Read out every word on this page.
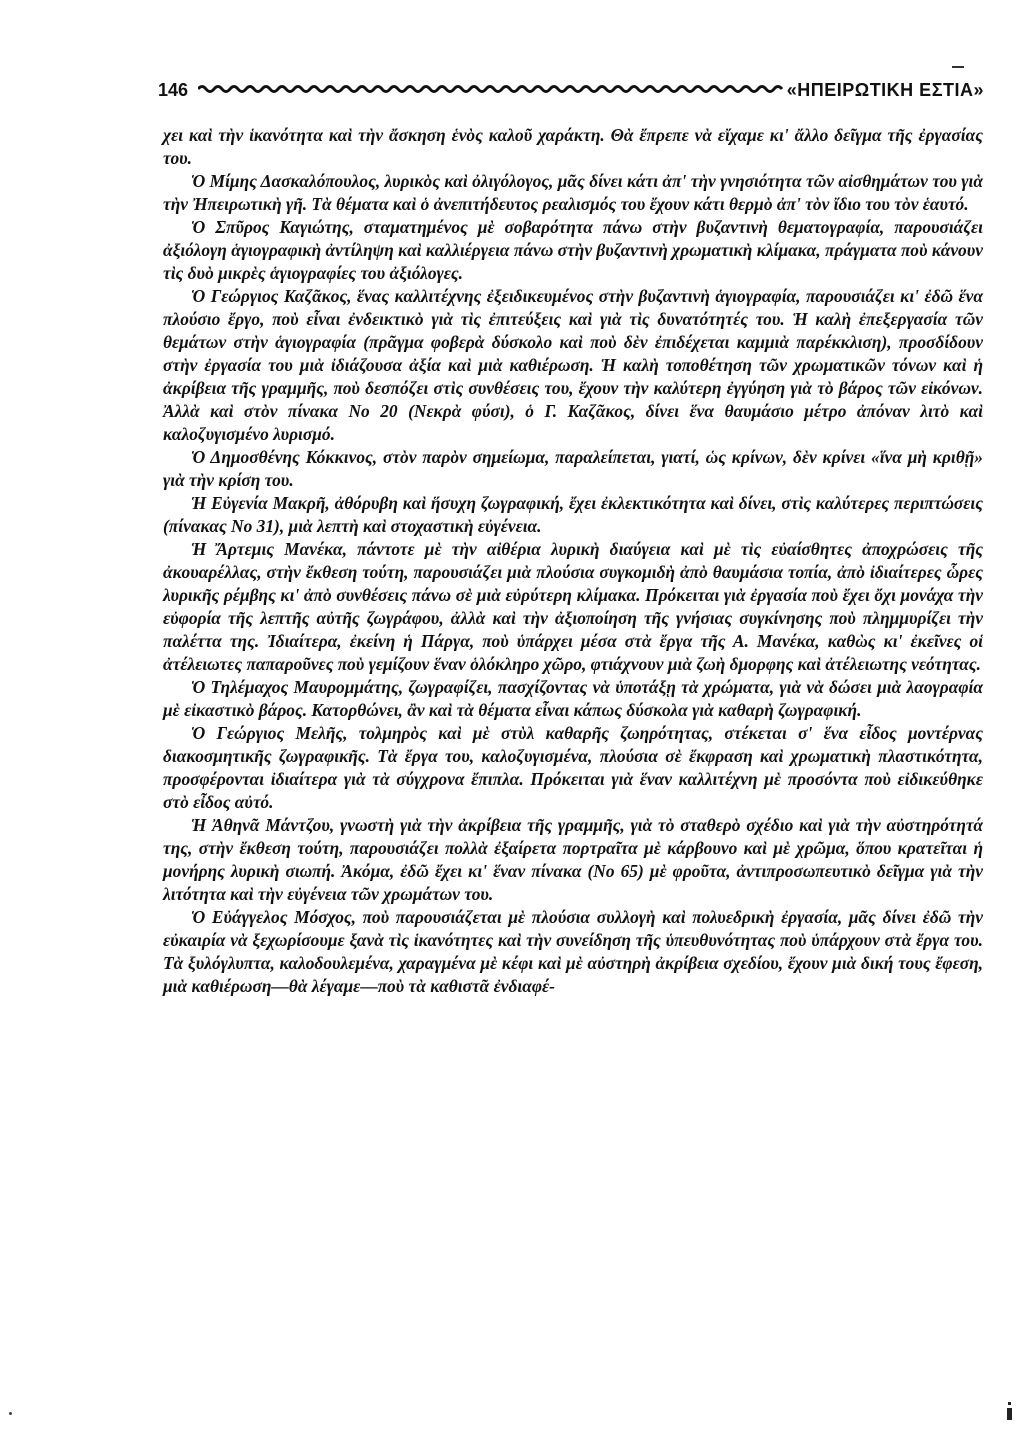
146	«ΗΠΕΙΡΩΤΙΚΗ ΕΣΤΙΑ»

χει καὶ τὴν ἱκανότητα καὶ τὴν ἄσκηση ἑνὸς καλοῦ χαράκτη. Θὰ ἔπρεπε νὰ εἴχαμε κι' ἄλλο δεῖγμα τῆς ἐργασίας του.

Ὁ Μίμης Δασκαλόπουλος, λυρικὸς καὶ ὀλιγόλογος, μᾶς δίνει κάτι ἀπ' τὴν γνησιότητα τῶν αἰσθημάτων του γιὰ τὴν Ἠπειρωτικὴ γῆ. Τὰ θέματα καὶ ὁ ἀνεπιτήδευτος ρεαλισμός του ἔχουν κάτι θερμὸ ἀπ' τὸν ἴδιο του τὸν ἑαυτό.

Ὁ Σπῦρος Καγιώτης, σταματημένος μὲ σοβαρότητα πάνω στὴν βυζαντινὴ θεματογραφία, παρουσιάζει ἀξιόλογη ἁγιογραφικὴ ἀντίληψη καὶ καλλιέργεια πάνω στὴν βυζαντινὴ χρωματικὴ κλίμακα, πράγματα ποὺ κάνουν τὶς δυὸ μικρὲς ἁγιογραφίες του ἀξιόλογες.

Ὁ Γεώργιος Καζᾶκος, ἕνας καλλιτέχνης ἐξειδικευμένος στὴν βυζαντινὴ ἁγιογραφία, παρουσιάζει κι' ἐδῶ ἕνα πλούσιο ἔργο, ποὺ εἶναι ἐνδεικτικὸ γιὰ τὶς ἐπιτεύξεις καὶ γιὰ τὶς δυνατότητές του. Ἡ καλὴ ἐπεξεργασία τῶν θεμάτων στὴν ἁγιογραφία (πρᾶγμα φοβερὰ δύσκολο καὶ ποὺ δὲν ἐπιδέχεται καμμιὰ παρέκκλιση), προσδίδουν στὴν ἐργασία του μιὰ ἰδιάζουσα ἀξία καὶ μιὰ καθιέρωση. Ἡ καλὴ τοποθέτηση τῶν χρωματικῶν τόνων καὶ ἡ ἀκρίβεια τῆς γραμμῆς, ποὺ δεσπόζει στὶς συνθέσεις του, ἔχουν τὴν καλύτερη ἐγγύηση γιὰ τὸ βάρος τῶν εἰκόνων. Ἀλλὰ καὶ στὸν πίνακα Νο 20 (Νεκρὰ φύσι), ὁ Γ. Καζᾶκος, δίνει ἕνα θαυμάσιο μέτρο ἀπόναν λιτὸ καὶ καλοζυγισμένο λυρισμό.

Ὁ Δημοσθένης Κόκκινος, στὸν παρὸν σημείωμα, παραλείπεται, γιατί, ὡς κρίνων, δὲν κρίνει «ἵνα μὴ κριθῇ» γιὰ τὴν κρίση του.

Ἡ Εὐγενία Μακρῆ, ἀθόρυβη καὶ ἥσυχη ζωγραφική, ἔχει ἐκλεκτικότητα καὶ δίνει, στὶς καλύτερες περιπτώσεις (πίνακας Νο 31), μιὰ λεπτὴ καὶ στοχαστικὴ εὐγένεια.

Ἡ Ἄρτεμις Μανέκα, πάντοτε μὲ τὴν αἰθέρια λυρικὴ διαύγεια καὶ μὲ τὶς εὐαίσθητες ἀποχρώσεις τῆς ἀκουαρέλλας, στὴν ἔκθεση τούτη, παρουσιάζει μιὰ πλούσια συγκομιδὴ ἀπὸ θαυμάσια τοπία, ἀπὸ ἰδιαίτερες ὧρες λυρικῆς ρέμβης κι' ἀπὸ συνθέσεις πάνω σὲ μιὰ εὐρύτερη κλίμακα. Πρόκειται γιὰ ἐργασία ποὺ ἔχει ὄχι μονάχα τὴν εὐφορία τῆς λεπτῆς αὐτῆς ζωγράφου, ἀλλὰ καὶ τὴν ἀξιοποίηση τῆς γνήσιας συγκίνησης ποὺ πλημμυρίζει τὴν παλέττα της. Ἰδιαίτερα, ἐκείνη ἡ Πάργα, ποὺ ὑπάρχει μέσα στὰ ἔργα τῆς Α. Μανέκα, καθὼς κι' ἐκεῖνες οἱ ἀτέλειωτες παπαροῦνες ποὺ γεμίζουν ἕναν ὁλόκληρο χῶρο, φτιάχνουν μιὰ ζωὴ δμορφης καὶ ἀτέλειωτης νεότητας.

Ὁ Τηλέμαχος Μαυρομμάτης, ζωγραφίζει, πασχίζοντας νὰ ὑποτάξῃ τὰ χρώματα, γιὰ νὰ δώσει μιὰ λαογραφία μὲ εἰκαστικὸ βάρος. Κατορθώνει, ἂν καὶ τὰ θέματα εἶναι κάπως δύσκολα γιὰ καθαρὴ ζωγραφική.

Ὁ Γεώργιος Μελῆς, τολμηρὸς καὶ μὲ στὺλ καθαρῆς ζωηρότητας, στέκεται σ' ἕνα εἶδος μοντέρνας διακοσμητικῆς ζωγραφικῆς. Τὰ ἔργα του, καλοζυγισμένα, πλούσια σὲ ἔκφραση καὶ χρωματικὴ πλαστικότητα, προσφέρονται ἰδιαίτερα γιὰ τὰ σύγχρονα ἔπιπλα. Πρόκειται γιὰ ἕναν καλλιτέχνη μὲ προσόντα ποὺ εἰδικεύθηκε στὸ εἶδος αὐτό.

Ἡ Ἀθηνᾶ Μάντζου, γνωστὴ γιὰ τὴν ἀκρίβεια τῆς γραμμῆς, γιὰ τὸ σταθερὸ σχέδιο καὶ γιὰ τὴν αὐστηρότητά της, στὴν ἔκθεση τούτη, παρουσιάζει πολλὰ ἐξαίρετα πορτραῖτα μὲ κάρβουνο καὶ μὲ χρῶμα, ὅπου κρατεῖται ἡ μονήρης λυρικὴ σιωπή. Ἀκόμα, ἐδῶ ἔχει κι' ἕναν πίνακα (Νο 65) μὲ φροῦτα, ἀντιπροσωπευτικὸ δεῖγμα γιὰ τὴν λιτότητα καὶ τὴν εὐγένεια τῶν χρωμάτων του.

Ὁ Εὐάγγελος Μόσχος, ποὺ παρουσιάζεται μὲ πλούσια συλλογὴ καὶ πολυεδρικὴ ἐργασία, μᾶς δίνει ἐδῶ τὴν εὐκαιρία νὰ ξεχωρίσουμε ξανὰ τὶς ἱκανότητες καὶ τὴν συνείδηση τῆς ὑπευθυνότητας ποὺ ὑπάρχουν στὰ ἔργα του. Τὰ ξυλόγλυπτα, καλοδουλεμένα, χαραγμένα μὲ κέφι καὶ μὲ αὐστηρὴ ἀκρίβεια σχεδίου, ἔχουν μιὰ δική τους ἔφεση, μιὰ καθιέρωση—θὰ λέγαμε—ποὺ τὰ καθιστᾶ ἐνδιαφέ-
